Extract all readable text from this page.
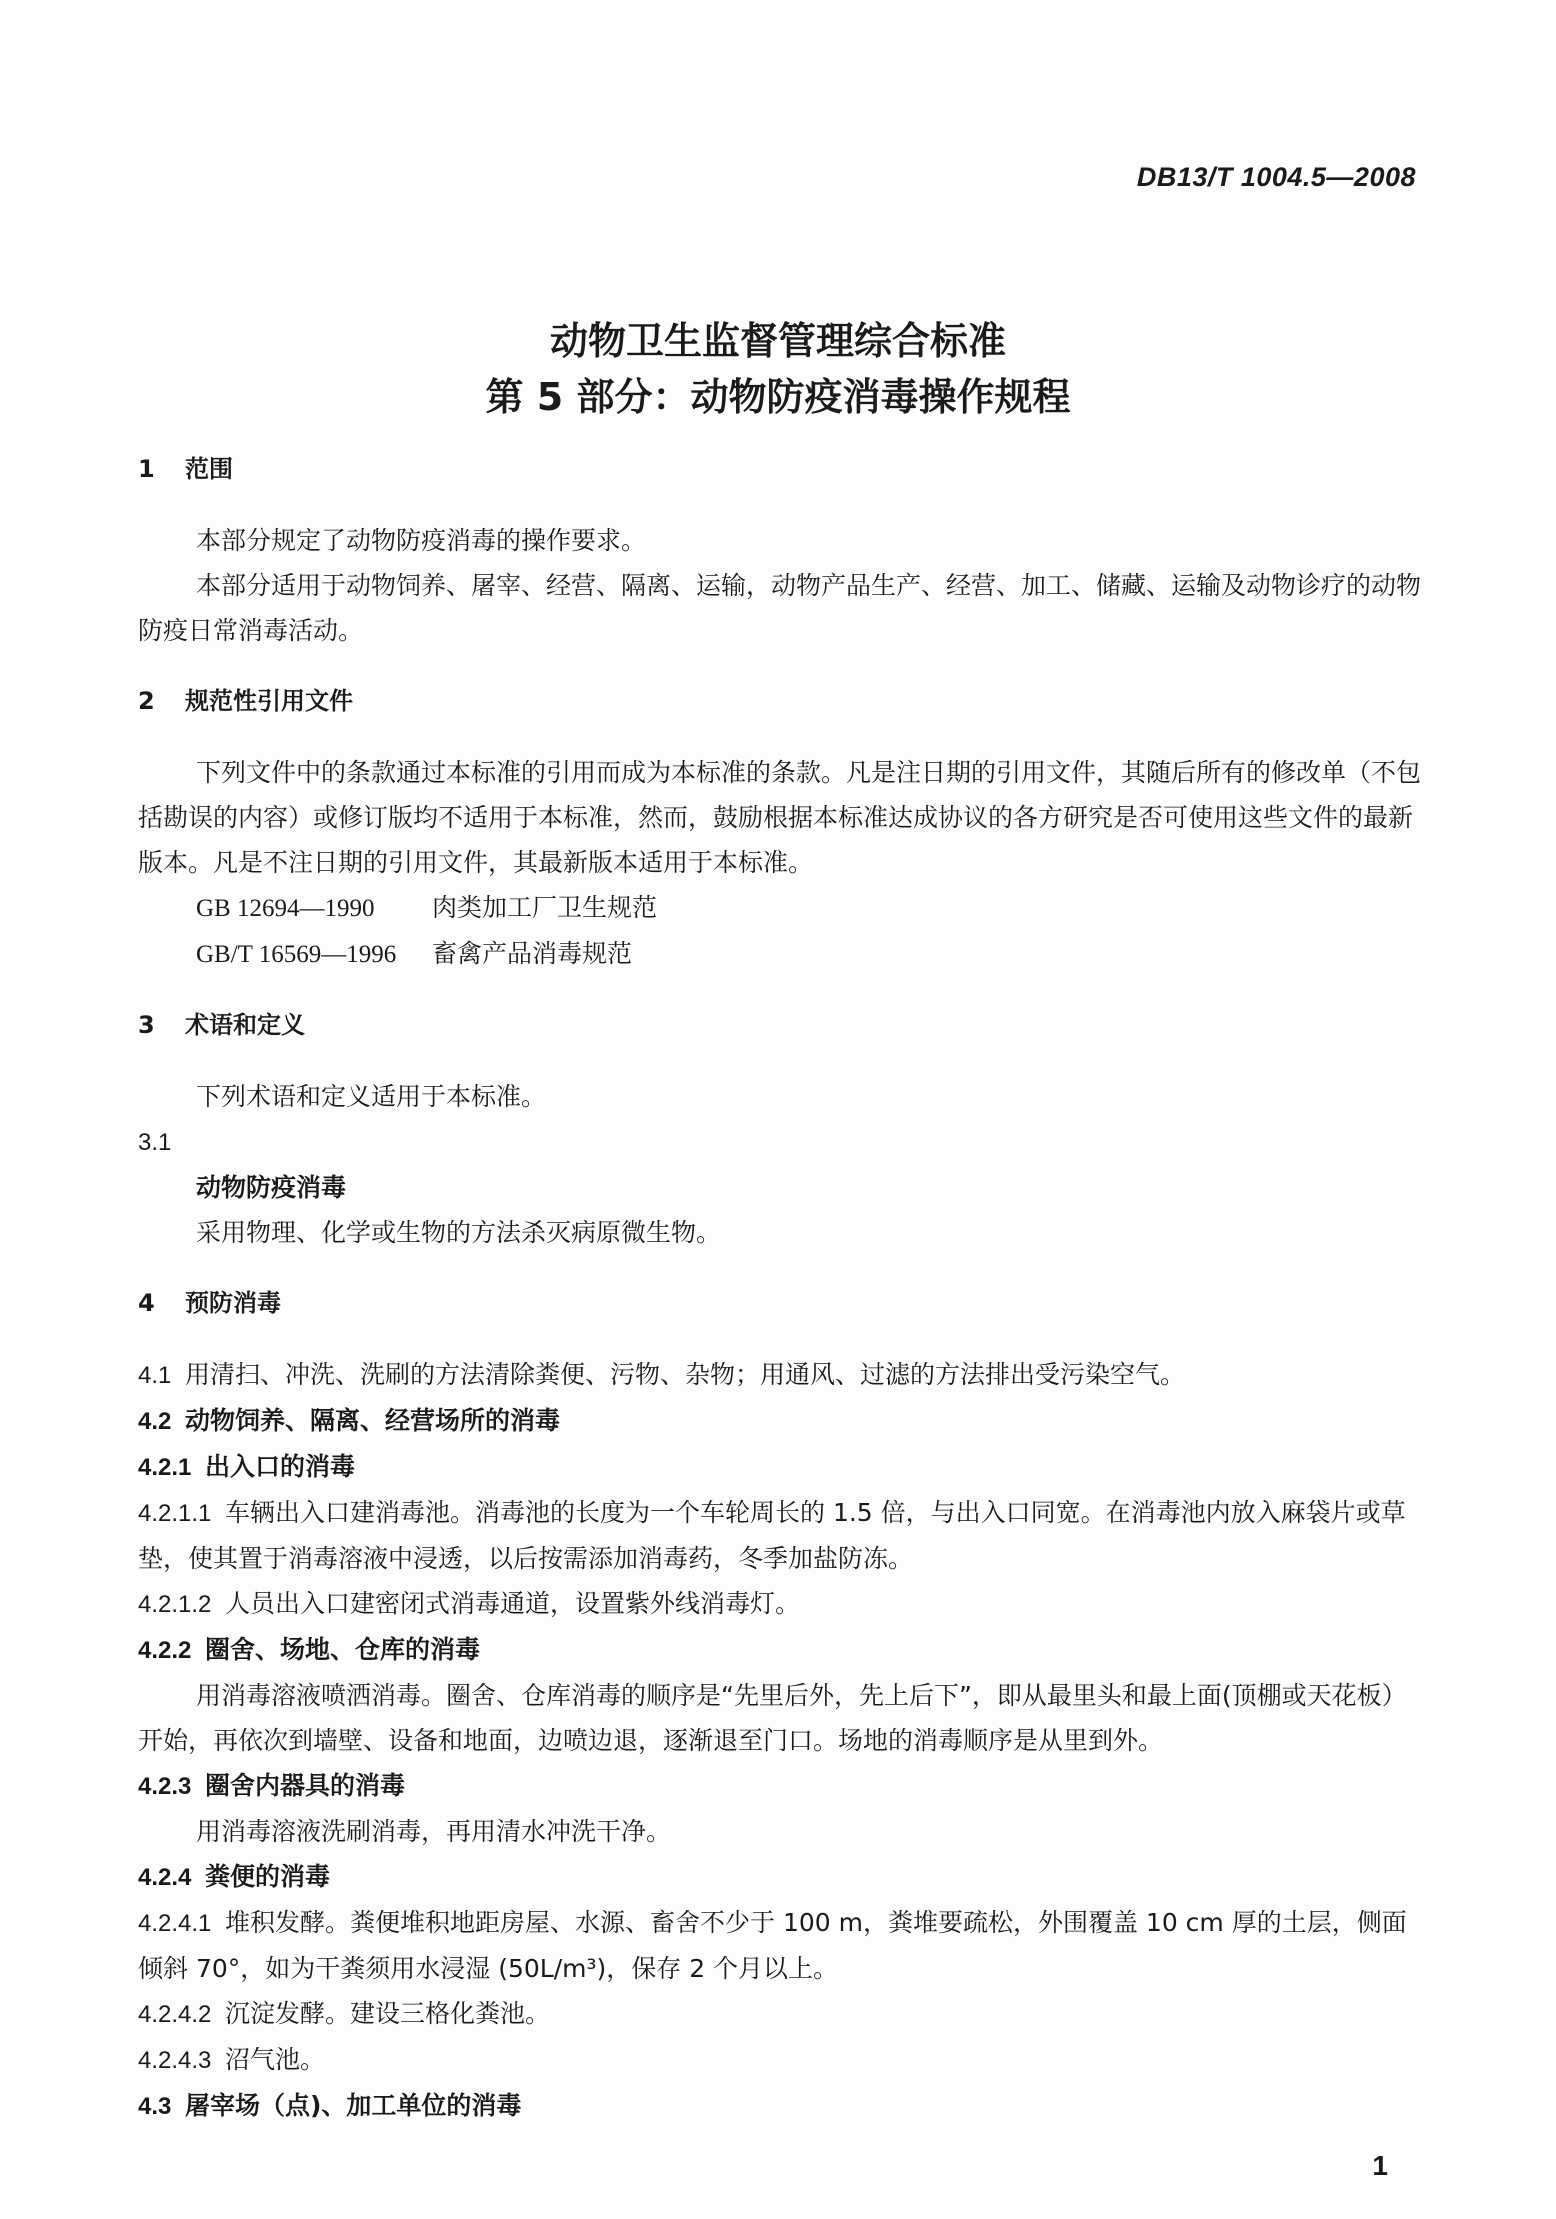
DB13/T 1004.5—2008
动物卫生监督管理综合标准
第 5 部分：动物防疫消毒操作规程

1 范围

本部分规定了动物防疫消毒的操作要求。

本部分适用于动物饲养、屠宰、经营、隔离、运输，动物产品生产、经营、加工、储藏、运输及动物诊疗的动物防疫日常消毒活动。

2 规范性引用文件

下列文件中的条款通过本标准的引用而成为本标准的条款。凡是注日期的引用文件，其随后所有的修改单（不包括勘误的内容）或修订版均不适用于本标准，然而，鼓励根据本标准达成协议的各方研究是否可使用这些文件的最新版本。凡是不注日期的引用文件，其最新版本适用于本标准。

GB 12694—1990 肉类加工厂卫生规范

GB/T 16569—1996 畜禽产品消毒规范

3 术语和定义

下列术语和定义适用于本标准。

3.1

动物防疫消毒

采用物理、化学或生物的方法杀灭病原微生物。

4 预防消毒

4.1 用清扫、冲洗、洗刷的方法清除粪便、污物、杂物；用通风、过滤的方法排出受污染空气。

4.2 动物饲养、隔离、经营场所的消毒

4.2.1 出入口的消毒

4.2.1.1 车辆出入口建消毒池。消毒池的长度为一个车轮周长的 1.5 倍，与出入口同宽。在消毒池内放入麻袋片或草垫，使其置于消毒溶液中浸透，以后按需添加消毒药，冬季加盐防冻。

4.2.1.2 人员出入口建密闭式消毒通道，设置紫外线消毒灯。

4.2.2 圈舍、场地、仓库的消毒

用消毒溶液喷洒消毒。圈舍、仓库消毒的顺序是“先里后外，先上后下”，即从最里头和最上面(顶棚或天花板）开始，再依次到墙壁、设备和地面，边喷边退，逐渐退至门口。场地的消毒顺序是从里到外。

4.2.3 圈舍内器具的消毒

用消毒溶液洗刷消毒，再用清水冲洗干净。

4.2.4 粪便的消毒

4.2.4.1 堆积发酵。粪便堆积地距房屋、水源、畜舍不少于 100 m，粪堆要疏松，外围覆盖 10 cm 厚的土层，侧面倾斜 70°，如为干粪须用水浸湿 (50L/m³)，保存 2 个月以上。

4.2.4.2 沉淀发酵。建设三格化粪池。

4.2.4.3 沼气池。

4.3 屠宰场（点)、加工单位的消毒

1
